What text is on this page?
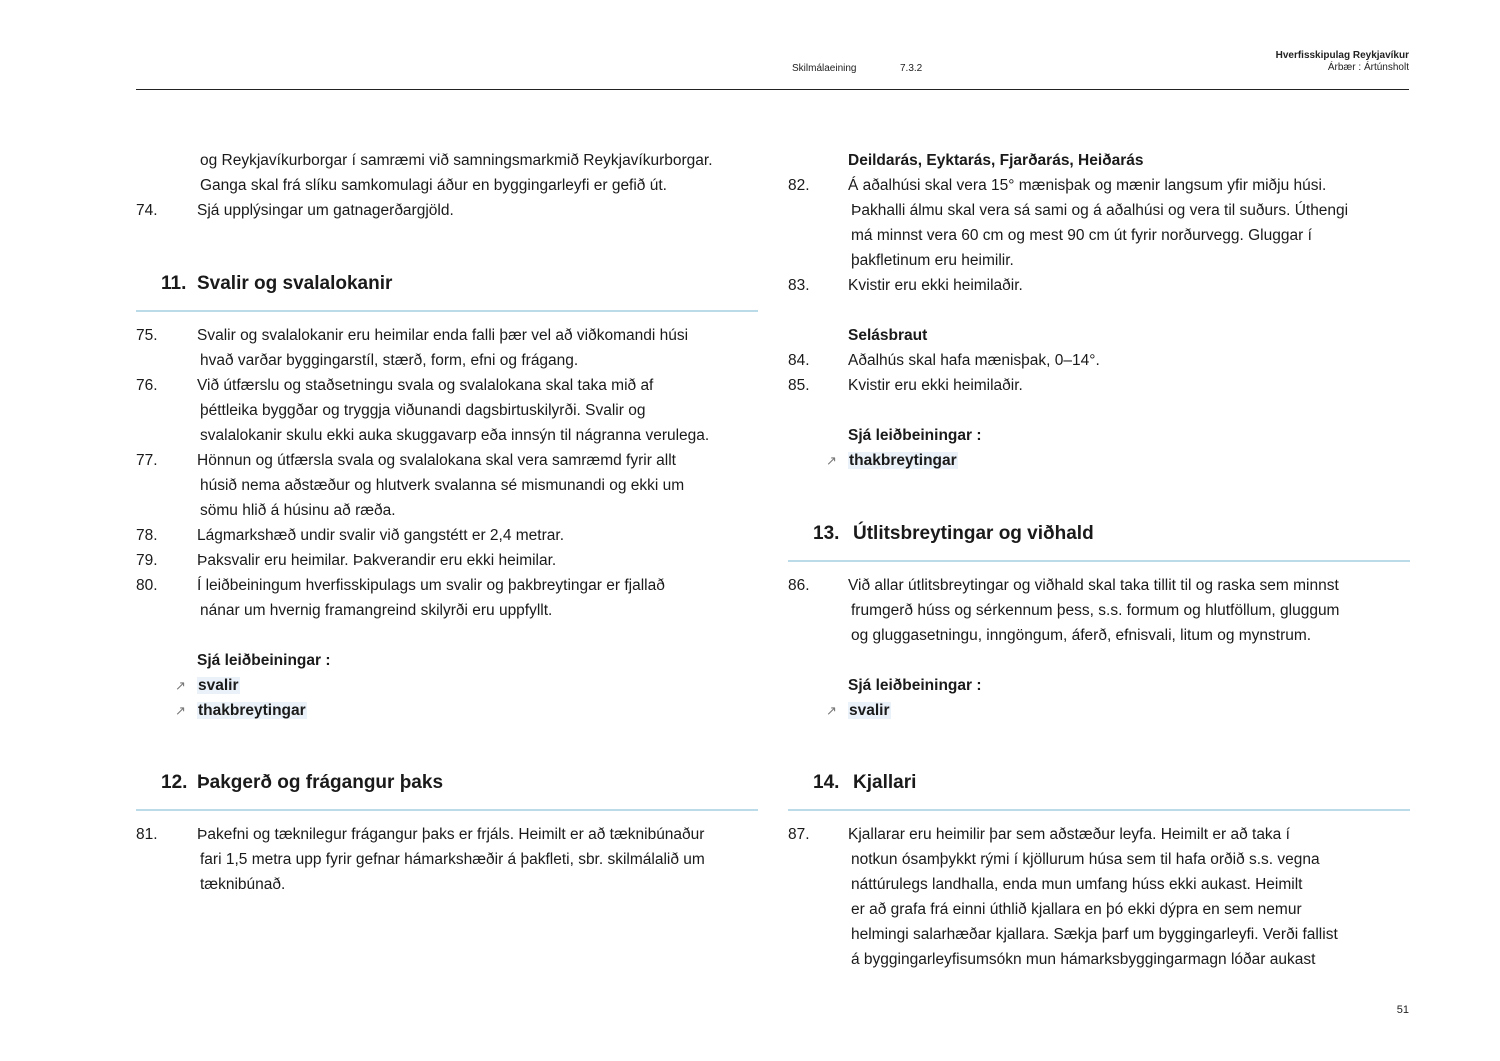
Skilmálaeining	7.3.2
Hverfisskipulag Reykjavíkur
Árbær : Ártúnsholt
og Reykjavíkurborgar í samræmi við samningsmarkmið Reykjavíkurborgar.
Ganga skal frá slíku samkomulagi áður en byggingarleyfi er gefið út.
74.	Sjá upplýsingar um gatnagerðargjöld.
11. Svalir og svalalokanir
75.	Svalir og svalalokanir eru heimilar enda falli þær vel að viðkomandi húsi
hvað varðar byggingarstíl, stærð, form, efni og frágang.
76.	Við útfærslu og staðsetningu svala og svalalokana skal taka mið af
þéttleika byggðar og tryggja viðunandi dagsbirtuskilyrði. Svalir og
svalalokanir skulu ekki auka skuggavarp eða innsýn til nágranna verulega.
77.	Hönnun og útfærsla svala og svalalokana skal vera samræmd fyrir allt
húsið nema aðstæður og hlutverk svalanna sé mismunandi og ekki um
sömu hlið á húsinu að ræða.
78.	Lágmarkshæð undir svalir við gangstétt er 2,4 metrar.
79.	Þaksvalir eru heimilar. Þakverandir eru ekki heimilar.
80.	Í leiðbeiningum hverfisskipulags um svalir og þakbreytingar er fjallað
nánar um hvernig framangreind skilyrði eru uppfyllt.
Sjá leiðbeiningar :
↗ svalir
↗ thakbreytingar
12. Þakgerð og frágangur þaks
81.	Þakefni og tæknilegur frágangur þaks er frjáls. Heimilt er að tæknibúnaður
fari 1,5 metra upp fyrir gefnar hámarkshæðir á þakfleti, sbr. skilmálalið um
tæknibúnað.
Deildarás, Eyktarás, Fjarðarás, Heiðarás
82. Á aðalhúsi skal vera 15° mænisþak og mænir langsum yfir miðju húsi.
Þakhalli álmu skal vera sá sami og á aðalhúsi og vera til suðurs. Úthengi
má minnst vera 60 cm og mest 90 cm út fyrir norðurvegg. Gluggar í
þakfletinum eru heimilir.
83. Kvistir eru ekki heimilaðir.
Selásbraut
84. Aðalhús skal hafa mænisþak, 0–14°.
85. Kvistir eru ekki heimilaðir.
Sjá leiðbeiningar :
↗ thakbreytingar
13. Útlitsbreytingar og viðhald
86. Við allar útlitsbreytingar og viðhald skal taka tillit til og raska sem minnst
frumgerð húss og sérkennum þess, s.s. formum og hlutföllum, gluggum
og gluggasetningu, inngöngum, áferð, efnisvali, litum og mynstrum.
Sjá leiðbeiningar :
↗ svalir
14. Kjallari
87. Kjallarar eru heimilir þar sem aðstæður leyfa. Heimilt er að taka í
notkun ósamþykkt rými í kjöllurum húsa sem til hafa orðið s.s. vegna
náttúrulegs landhalla, enda mun umfang húss ekki aukast. Heimilt
er að grafa frá einni úthlið kjallara en þó ekki dýpra en sem nemur
helmingi salarhæðar kjallara. Sækja þarf um byggingarleyfi. Verði fallist
á byggingarleyfisumsókn mun hámarksbyggingarmagn lóðar aukast
51
